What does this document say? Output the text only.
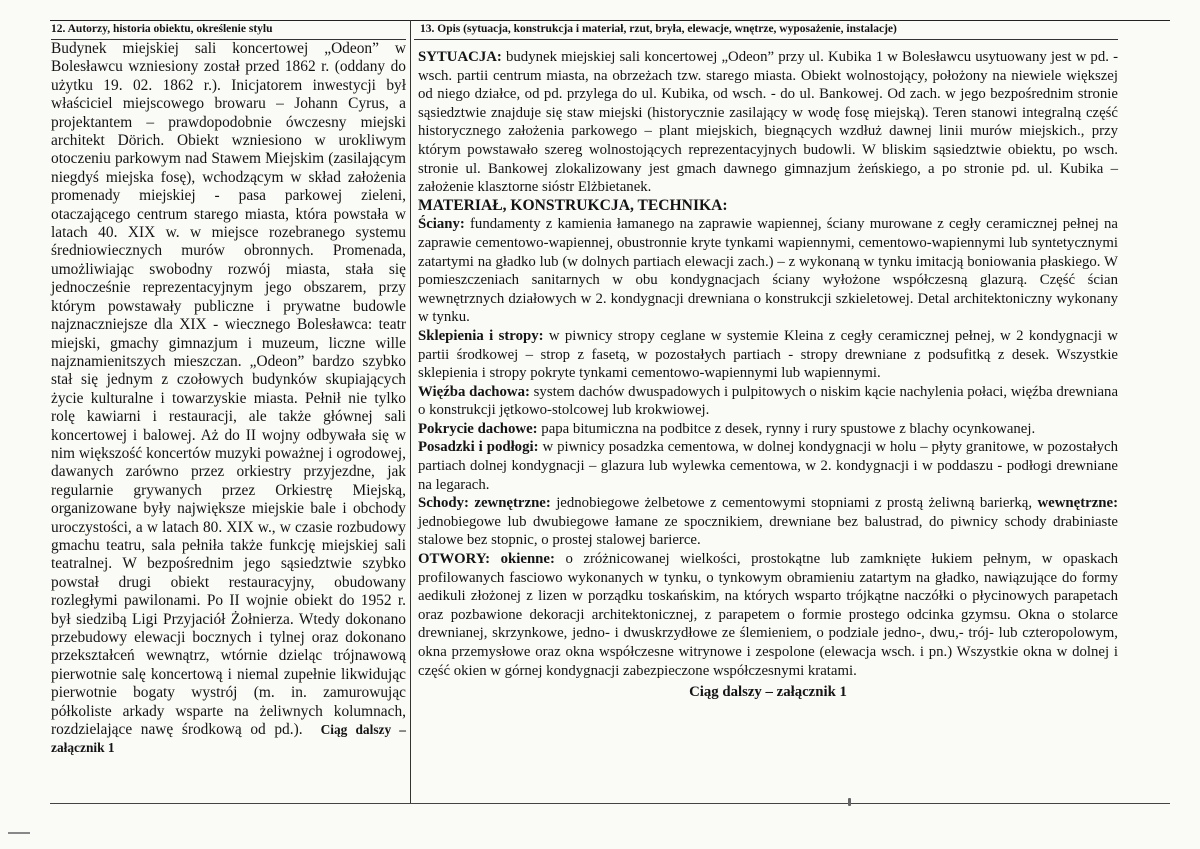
12. Autorzy, historia obiektu, określenie stylu

Budynek miejskiej sali koncertowej „Odeon” w Bolesławcu wzniesiony został przed 1862 r. (oddany do użytku 19. 02. 1862 r.). Inicjatorem inwestycji był właściciel miejscowego browaru – Johann Cyrus, a projektantem – prawdopodobnie ówczesny miejski architekt Dörich. Obiekt wzniesiono w urokliwym otoczeniu parkowym nad Stawem Miejskim (zasilającym niegdyś miejska fosę), wchodzącym w skład założenia promenady miejskiej - pasa parkowej zieleni, otaczającego centrum starego miasta, która powstała w latach 40. XIX w. w miejsce rozebranego systemu średniowiecznych murów obronnych. Promenada, umożliwiając swobodny rozwój miasta, stała się jednocześnie reprezentacyjnym jego obszarem, przy którym powstawały publiczne i prywatne budowle najznaczniejsze dla XIX - wiecznego Bolesławca: teatr miejski, gmachy gimnazjum i muzeum, liczne wille najznamienitszych mieszczan. „Odeon” bardzo szybko stał się jednym z czołowych budynków skupiających życie kulturalne i towarzyskie miasta. Pełnił nie tylko rolę kawiarni i restauracji, ale także głównej sali koncertowej i balowej. Aż do II wojny odbywała się w nim większość koncertów muzyki poważnej i ogrodowej, dawanych zarówno przez orkiestry przyjezdne, jak regularnie grywanych przez Orkiestrę Miejską, organizowane były największe miejskie bale i obchody uroczystości, a w latach 80. XIX w., w czasie rozbudowy gmachu teatru, sala pełniła także funkcję miejskiej sali teatralnej. W bezpośrednim jego sąsiedztwie szybko powstał drugi obiekt restauracyjny, obudowany rozległymi pawilonami. Po II wojnie obiekt do 1952 r. był siedzibą Ligi Przyjaciół Żołnierza. Wtedy dokonano przebudowy elewacji bocznych i tylnej oraz dokonano przekształceń wewnątrz, wtórnie dzieląc trójnawową pierwotnie salę koncertową i niemal zupełnie likwidując pierwotnie bogaty wystrój (m. in. zamurowując półkoliste arkady wsparte na żeliwnych kolumnach, rozdzielające nawę środkową od pd.). Ciąg dalszy – załącznik 1

13. Opis (sytuacja, konstrukcja i materiał, rzut, bryła, elewacje, wnętrze, wyposażenie, instalacje)

SYTUACJA: budynek miejskiej sali koncertowej „Odeon” przy ul. Kubika 1 w Bolesławcu usytuowany jest w pd. - wsch. partii centrum miasta, na obrzeżach tzw. starego miasta. Obiekt wolnostojący, położony na niewiele większej od niego działce, od pd. przylega do ul. Kubika, od wsch. - do ul. Bankowej. Od zach. w jego bezpośrednim stronie sąsiedztwie znajduje się staw miejski (historycznie zasilający w wodę fosę miejską). Teren stanowi integralną część historycznego założenia parkowego – plant miejskich, biegnących wzdłuż dawnej linii murów miejskich., przy którym powstawało szereg wolnostojących reprezentacyjnych budowli. W bliskim sąsiedztwie obiektu, po wsch. stronie ul. Bankowej zlokalizowany jest gmach dawnego gimnazjum żeńskiego, a po stronie pd. ul. Kubika – założenie klasztorne sióstr Elżbietanek.

MATERIAŁ, KONSTRUKCJA, TECHNIKA:

Ściany: fundamenty z kamienia łamanego na zaprawie wapiennej, ściany murowane z cegły ceramicznej pełnej na zaprawie cementowo-wapiennej, obustronnie kryte tynkami wapiennymi, cementowo-wapiennymi lub syntetycznymi zatartymi na gładko lub (w dolnych partiach elewacji zach.) – z wykonaną w tynku imitacją boniowania płaskiego. W pomieszczeniach sanitarnych w obu kondygnacjach ściany wyłożone współczesną glazurą. Część ścian wewnętrznych działowych w 2. kondygnacji drewniana o konstrukcji szkieletowej. Detal architektoniczny wykonany w tynku.

Sklepienia i stropy: w piwnicy stropy ceglane w systemie Kleina z cegły ceramicznej pełnej, w 2 kondygnacji w partii środkowej – strop z fasetą, w pozostałych partiach - stropy drewniane z podsufitką z desek. Wszystkie sklepienia i stropy pokryte tynkami cementowo-wapiennymi lub wapiennymi.

Więźba dachowa: system dachów dwuspadowych i pulpitowych o niskim kącie nachylenia połaci, więźba drewniana o konstrukcji jętkowo-stolcowej lub krokwiowej.

Pokrycie dachowe: papa bitumiczna na podbitce z desek, rynny i rury spustowe z blachy ocynkowanej.

Posadzki i podłogi: w piwnicy posadzka cementowa, w dolnej kondygnacji w holu – płyty granitowe, w pozostałych partiach dolnej kondygnacji – glazura lub wylewka cementowa, w 2. kondygnacji i w poddaszu - podłogi drewniane na legarach.

Schody: zewnętrzne: jednobiegowe żelbetowe z cementowymi stopniami z prostą żeliwną barierką, wewnętrzne: jednobiegowe lub dwubiegowe łamane ze spocznikiem, drewniane bez balustrad, do piwnicy schody drabiniaste stalowe bez stopnic, o prostej stalowej barierce.

OTWORY: okienne: o zróżnicowanej wielkości, prostokątne lub zamknięte łukiem pełnym, w opaskach profilowanych fasciowo wykonanych w tynku, o tynkowym obramieniu zatartym na gładko, nawiązujące do formy aedikuli złożonej z lizen w porządku toskańskim, na których wsparto trójkątne naczółki o płycinowych parapetach oraz pozbawione dekoracji architektonicznej, z parapetem o formie prostego odcinka gzymsu. Okna o stolarce drewnianej, skrzynkowe, jedno- i dwuskrzydłowe ze ślemieniem, o podziale jedno-, dwu,- trój- lub czteropolowym, okna przemysłowe oraz okna współczesne witrynowe i zespolone (elewacja wsch. i pn.) Wszystkie okna w dolnej i część okien w górnej kondygnacji zabezpieczone współczesnymi kratami.

Ciąg dalszy – załącznik 1
